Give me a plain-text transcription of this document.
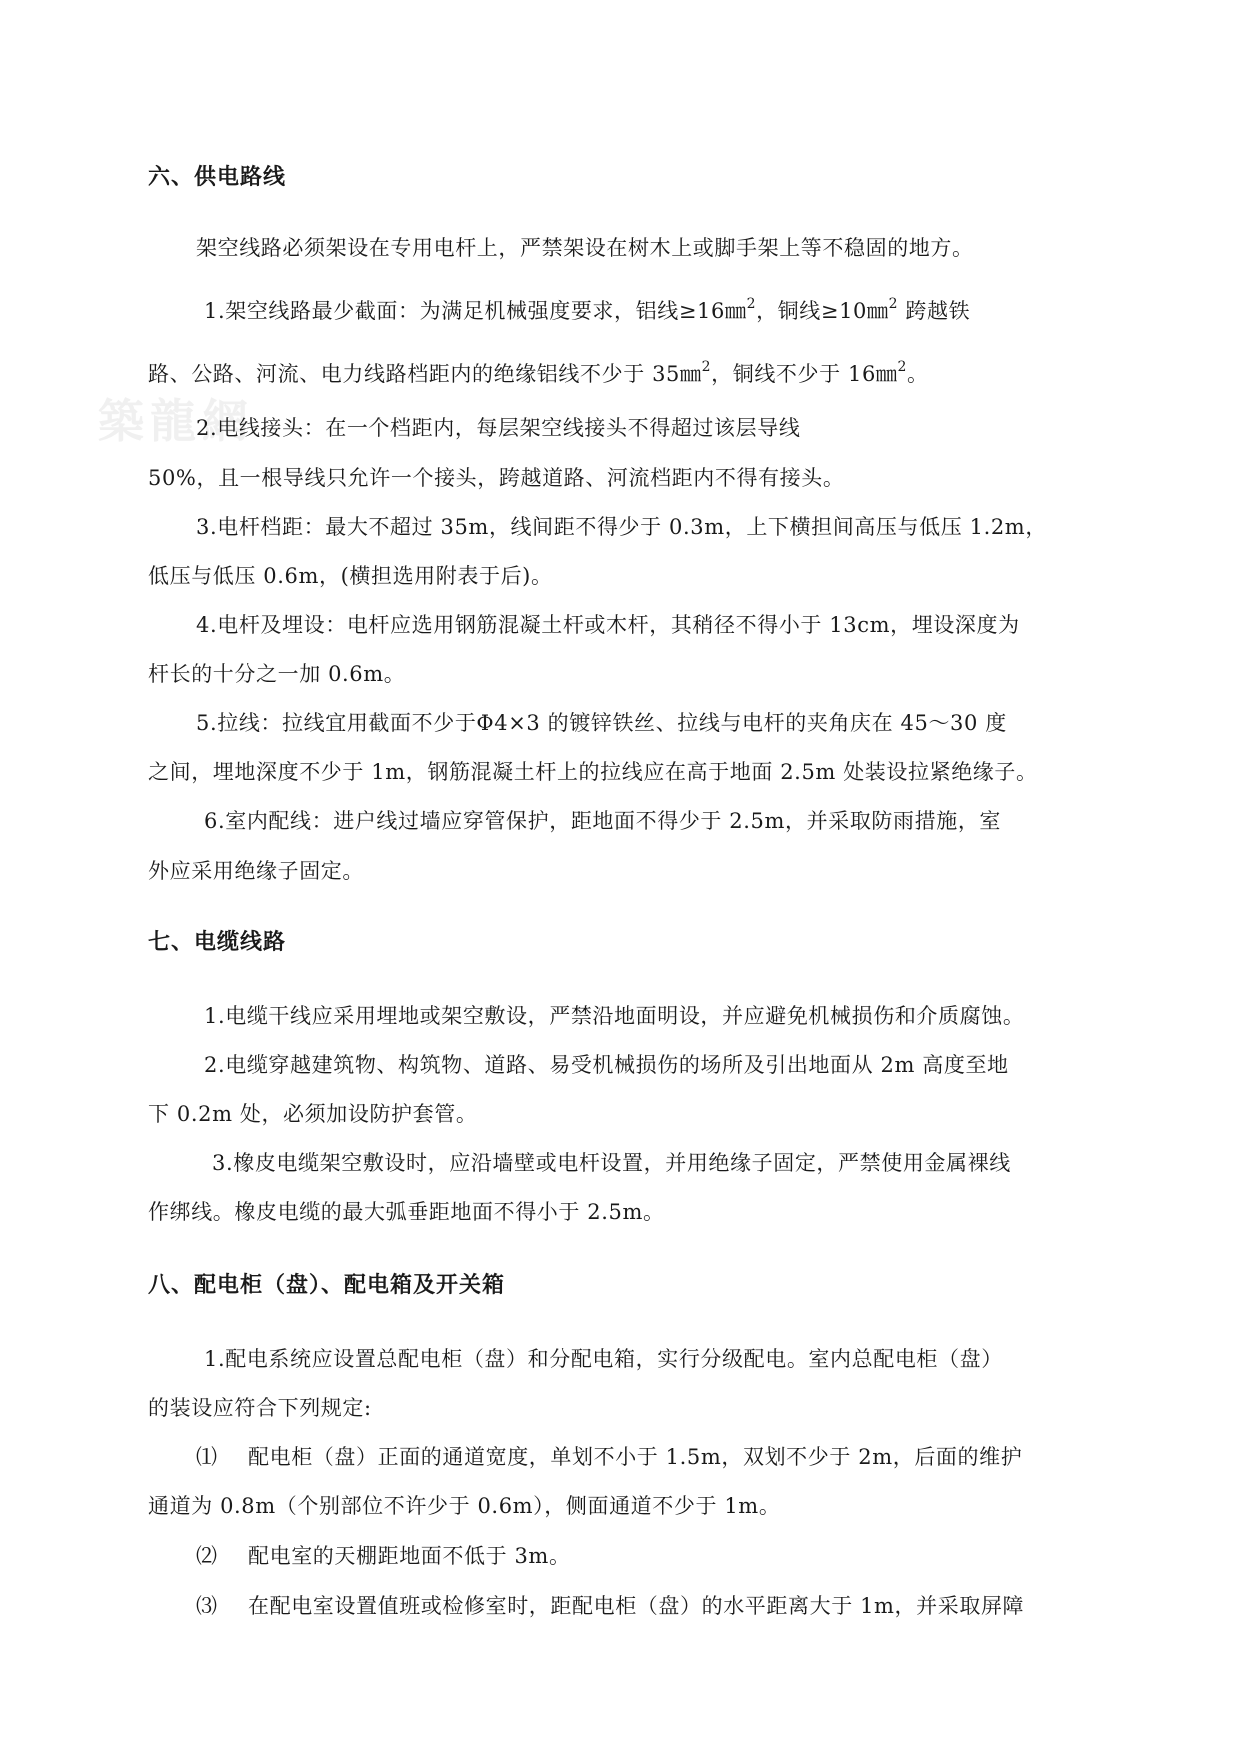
築龍網
六、供电路线
架空线路必须架设在专用电杆上，严禁架设在树木上或脚手架上等不稳固的地方。
1.架空线路最少截面：为满足机械强度要求，铝线≥16㎜$^2$，铜线≥10㎜$^2$ 跨越铁
路、公路、河流、电力线路档距内的绝缘铝线不少于 35㎜$^2$，铜线不少于 16㎜$^2$。
2.电线接头：在一个档距内，每层架空线接头不得超过该层导线
50%，且一根导线只允许一个接头，跨越道路、河流档距内不得有接头。
3.电杆档距：最大不超过 35m，线间距不得少于 0.3m，上下横担间高压与低压 1.2m，
低压与低压 0.6m，(横担选用附表于后)。
4.电杆及埋设：电杆应选用钢筋混凝土杆或木杆，其稍径不得小于 13cm，埋设深度为
杆长的十分之一加 0.6m。
5.拉线：拉线宜用截面不少于Φ4×3 的镀锌铁丝、拉线与电杆的夹角庆在 45～30 度
之间，埋地深度不少于 1m，钢筋混凝土杆上的拉线应在高于地面 2.5m 处装设拉紧绝缘子。
6.室内配线：进户线过墙应穿管保护，距地面不得少于 2.5m，并采取防雨措施，室
外应采用绝缘子固定。
七、电缆线路
1.电缆干线应采用埋地或架空敷设，严禁沿地面明设，并应避免机械损伤和介质腐蚀。
2.电缆穿越建筑物、构筑物、道路、易受机械损伤的场所及引出地面从 2m 高度至地
下 0.2m 处，必须加设防护套管。
3.橡皮电缆架空敷设时，应沿墙壁或电杆设置，并用绝缘子固定，严禁使用金属裸线
作绑线。橡皮电缆的最大弧垂距地面不得小于 2.5m。
八、配电柜（盘）、配电箱及开关箱
1.配电系统应设置总配电柜（盘）和分配电箱，实行分级配电。室内总配电柜（盘）
的装设应符合下列规定:
⑴ 配电柜（盘）正面的通道宽度，单划不小于 1.5m，双划不少于 2m，后面的维护
通道为 0.8m（个别部位不许少于 0.6m），侧面通道不少于 1m。
⑵ 配电室的天棚距地面不低于 3m。
⑶ 在配电室设置值班或检修室时，距配电柜（盘）的水平距离大于 1m，并采取屏障
